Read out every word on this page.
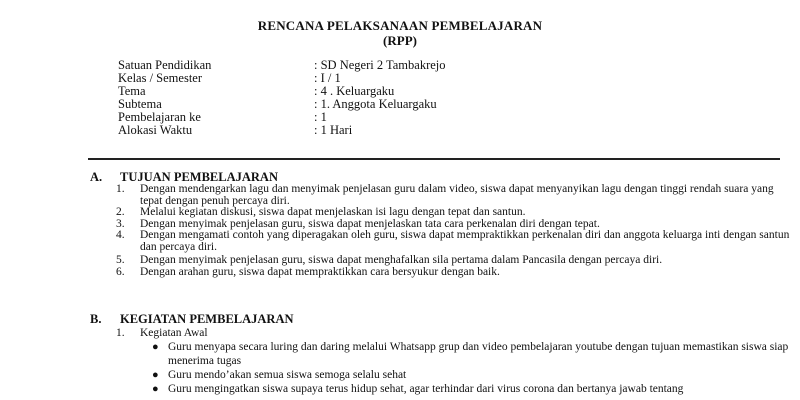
RENCANA PELAKSANAAN PEMBELAJARAN
(RPP)
Satuan Pendidikan	: SD Negeri 2 Tambakrejo
Kelas / Semester	: I / 1
Tema	: 4 . Keluargaku
Subtema	: 1. Anggota Keluargaku
Pembelajaran ke	: 1
Alokasi Waktu	: 1 Hari
A. TUJUAN PEMBELAJARAN
1. Dengan mendengarkan lagu dan menyimak penjelasan guru dalam video, siswa dapat menyanyikan lagu dengan tinggi rendah suara yang tepat dengan penuh percaya diri.
2. Melalui kegiatan diskusi, siswa dapat menjelaskan isi lagu dengan tepat dan santun.
3. Dengan menyimak penjelasan guru, siswa dapat menjelaskan tata cara perkenalan diri dengan tepat.
4. Dengan mengamati contoh yang diperagakan oleh guru, siswa dapat mempraktikkan perkenalan diri dan anggota keluarga inti dengan santun dan percaya diri.
5. Dengan menyimak penjelasan guru, siswa dapat menghafalkan sila pertama dalam Pancasila dengan percaya diri.
6. Dengan arahan guru, siswa dapat mempraktikkan cara bersyukur dengan baik.
B. KEGIATAN PEMBELAJARAN
1. Kegiatan Awal
● Guru menyapa secara luring dan daring melalui Whatsapp grup dan video pembelajaran youtube dengan tujuan memastikan siswa siap menerima tugas
● Guru mendo’akan semua siswa semoga selalu sehat
● Guru mengingatkan siswa supaya terus hidup sehat, agar terhindar dari virus corona dan bertanya jawab tentang
